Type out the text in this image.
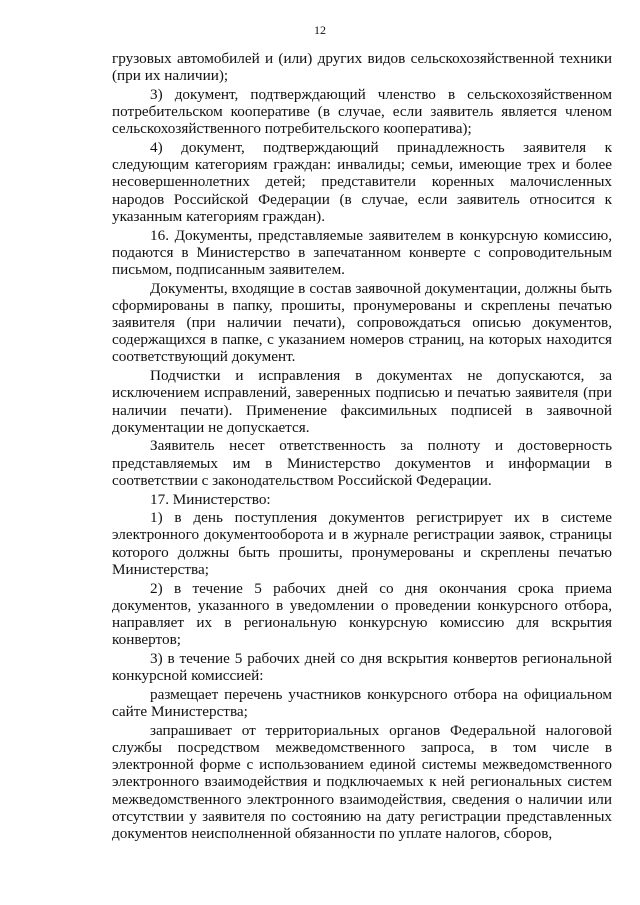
12

грузовых автомобилей и (или) других видов сельскохозяйственной техники (при их наличии);

3) документ, подтверждающий членство в сельскохозяйственном потребительском кооперативе (в случае, если заявитель является членом сельскохозяйственного потребительского кооператива);

4) документ, подтверждающий принадлежность заявителя к следующим категориям граждан: инвалиды; семьи, имеющие трех и более несовершеннолетних детей; представители коренных малочисленных народов Российской Федерации (в случае, если заявитель относится к указанным категориям граждан).

16. Документы, представляемые заявителем в конкурсную комиссию, подаются в Министерство в запечатанном конверте с сопроводительным письмом, подписанным заявителем.

Документы, входящие в состав заявочной документации, должны быть сформированы в папку, прошиты, пронумерованы и скреплены печатью заявителя (при наличии печати), сопровождаться описью документов, содержащихся в папке, с указанием номеров страниц, на которых находится соответствующий документ.

Подчистки и исправления в документах не допускаются, за исключением исправлений, заверенных подписью и печатью заявителя (при наличии печати). Применение факсимильных подписей в заявочной документации не допускается.

Заявитель несет ответственность за полноту и достоверность представляемых им в Министерство документов и информации в соответствии с законодательством Российской Федерации.

17. Министерство:

1) в день поступления документов регистрирует их в системе электронного документооборота и в журнале регистрации заявок, страницы которого должны быть прошиты, пронумерованы и скреплены печатью Министерства;

2) в течение 5 рабочих дней со дня окончания срока приема документов, указанного в уведомлении о проведении конкурсного отбора, направляет их в региональную конкурсную комиссию для вскрытия конвертов;

3) в течение 5 рабочих дней со дня вскрытия конвертов региональной конкурсной комиссией:

размещает перечень участников конкурсного отбора на официальном сайте Министерства;

запрашивает от территориальных органов Федеральной налоговой службы посредством межведомственного запроса, в том числе в электронной форме с использованием единой системы межведомственного электронного взаимодействия и подключаемых к ней региональных систем межведомственного электронного взаимодействия, сведения о наличии или отсутствии у заявителя по состоянию на дату регистрации представленных документов неисполненной обязанности по уплате налогов, сборов,
